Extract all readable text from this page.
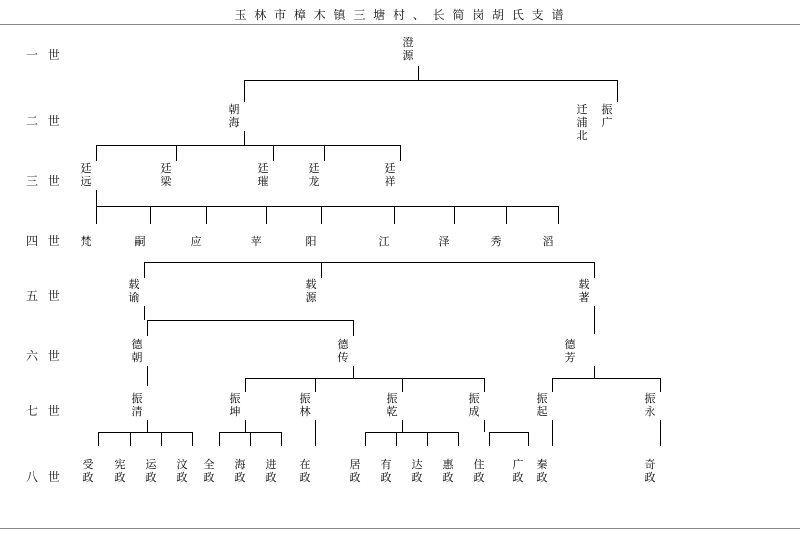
玉 林 市 樟 木 镇 三 塘 村 、 长 简 岗 胡 氏 支 谱
一 世
二 世
三 世
四 世
五 世
六 世
七 世
八 世
澄
源
朝
海
迁
浦
北
振
广
廷
远
廷
梁
廷
璀
廷
龙
廷
祥
梵	嗣	应	苹	阳	江	泽	秀	滔
载
谕
载
源
载
著
德
朝
德
传
德
芳
振
清
振
坤
振
林
振
乾
振
成
振
起
振
永
受
政
宪
政
运
政
汶
政
全
政
海
政
进
政
在
政
居
政
有
政
达
政
惠
政
住
政
广
政
秦
政
奇
政
